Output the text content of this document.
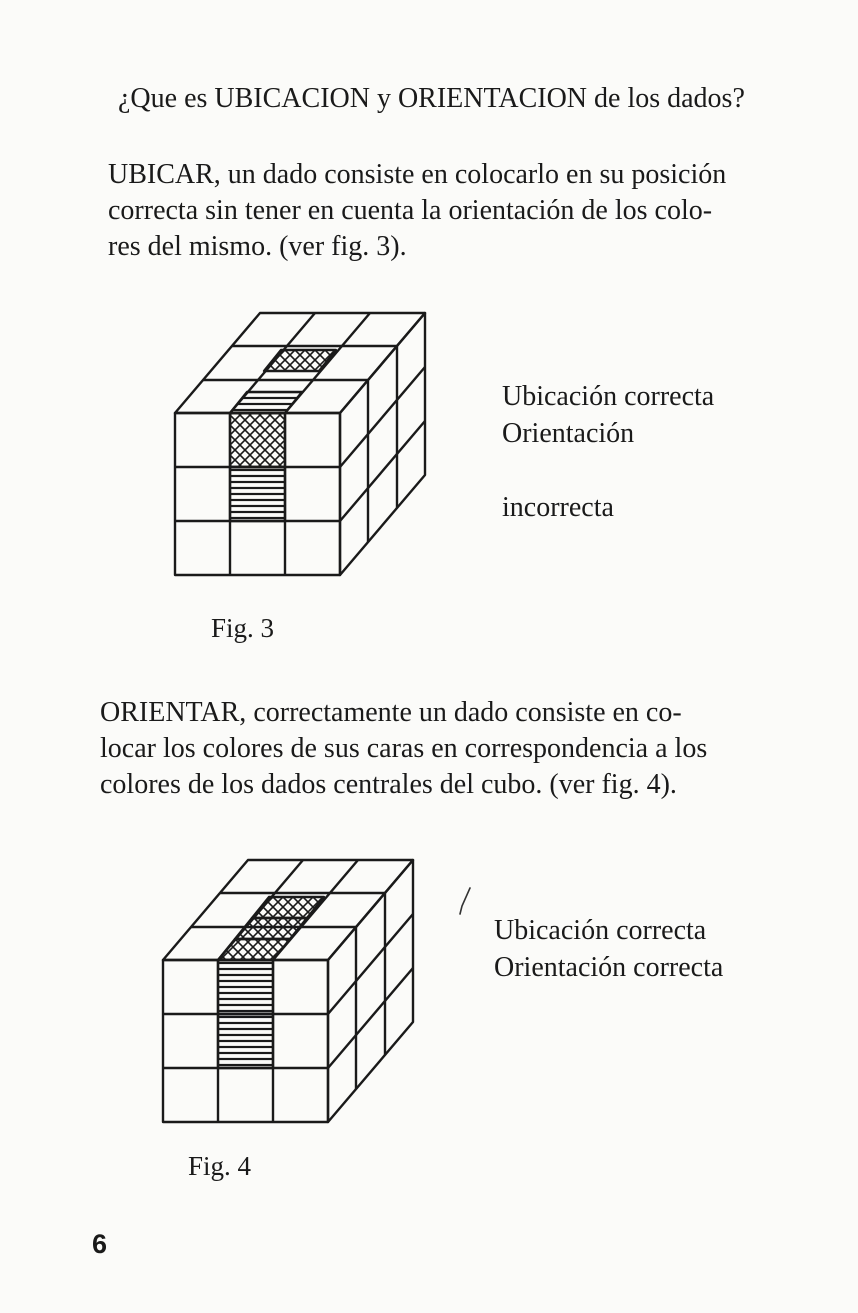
¿Que es UBICACION y ORIENTACION de los dados?

UBICAR, un dado consiste en colocarlo en su posición
correcta sin tener en cuenta la orientación de los colo-
res del mismo. (ver fig. 3).

Ubicación correcta
Orientación
incorrecta
Fig. 3

ORIENTAR, correctamente un dado consiste en co-
locar los colores de sus caras en correspondencia a los
colores de los dados centrales del cubo. (ver fig. 4).

Ubicación correcta
Orientación correcta
Fig. 4
6
